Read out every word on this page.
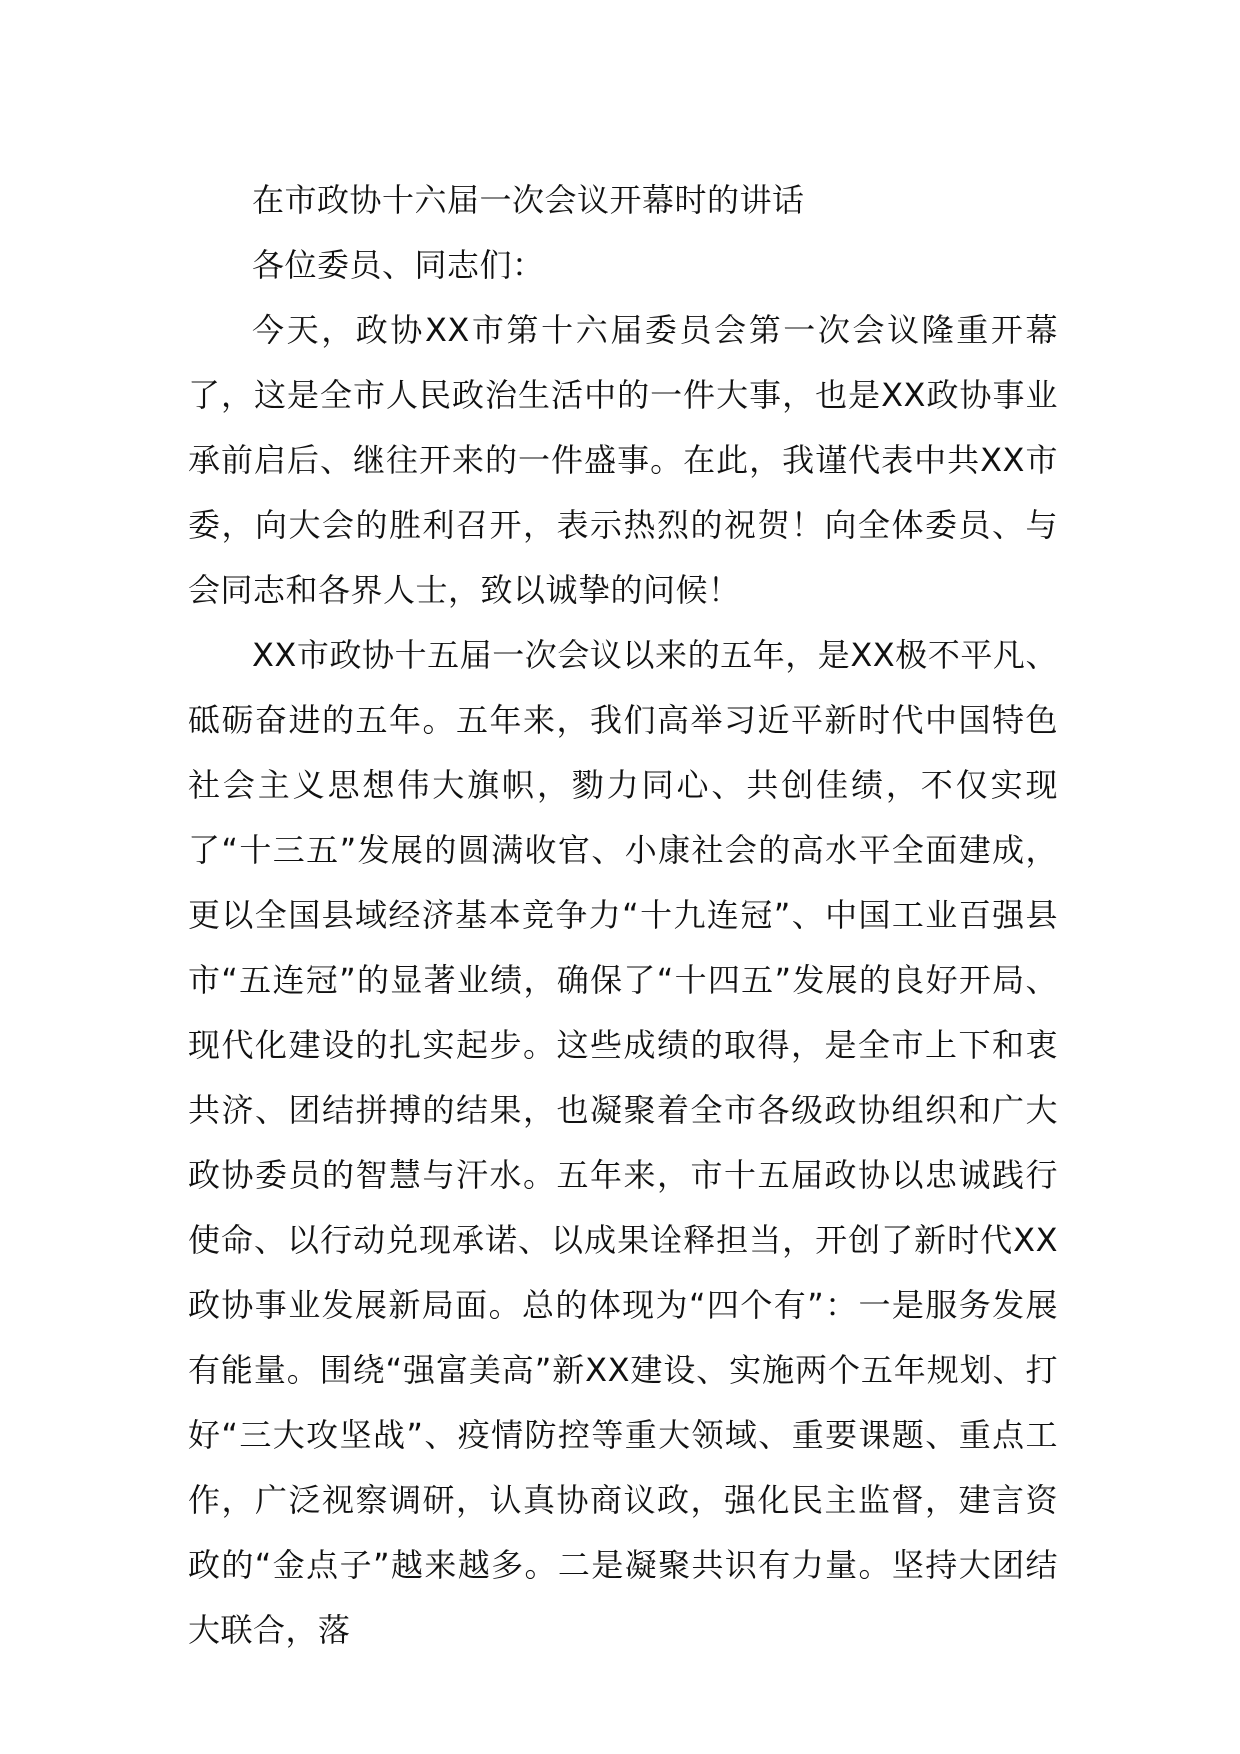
在市政协十六届一次会议开幕时的讲话

各位委员、同志们：

今天，政协XX市第十六届委员会第一次会议隆重开幕了，这是全市人民政治生活中的一件大事，也是XX政协事业承前启后、继往开来的一件盛事。在此，我谨代表中共XX市委，向大会的胜利召开，表示热烈的祝贺！向全体委员、与会同志和各界人士，致以诚挚的问候！

XX市政协十五届一次会议以来的五年，是XX极不平凡、砥砺奋进的五年。五年来，我们高举习近平新时代中国特色社会主义思想伟大旗帜，勠力同心、共创佳绩，不仅实现了“十三五”发展的圆满收官、小康社会的高水平全面建成，更以全国县域经济基本竞争力“十九连冠”、中国工业百强县市“五连冠”的显著业绩，确保了“十四五”发展的良好开局、现代化建设的扎实起步。这些成绩的取得，是全市上下和衷共济、团结拼搏的结果，也凝聚着全市各级政协组织和广大政协委员的智慧与汗水。五年来，市十五届政协以忠诚践行使命、以行动兑现承诺、以成果诠释担当，开创了新时代XX政协事业发展新局面。总的体现为“四个有”：一是服务发展有能量。围绕“强富美高”新XX建设、实施两个五年规划、打好“三大攻坚战”、疫情防控等重大领域、重要课题、重点工作，广泛视察调研，认真协商议政，强化民主监督，建言资政的“金点子”越来越多。二是凝聚共识有力量。坚持大团结大联合，落
